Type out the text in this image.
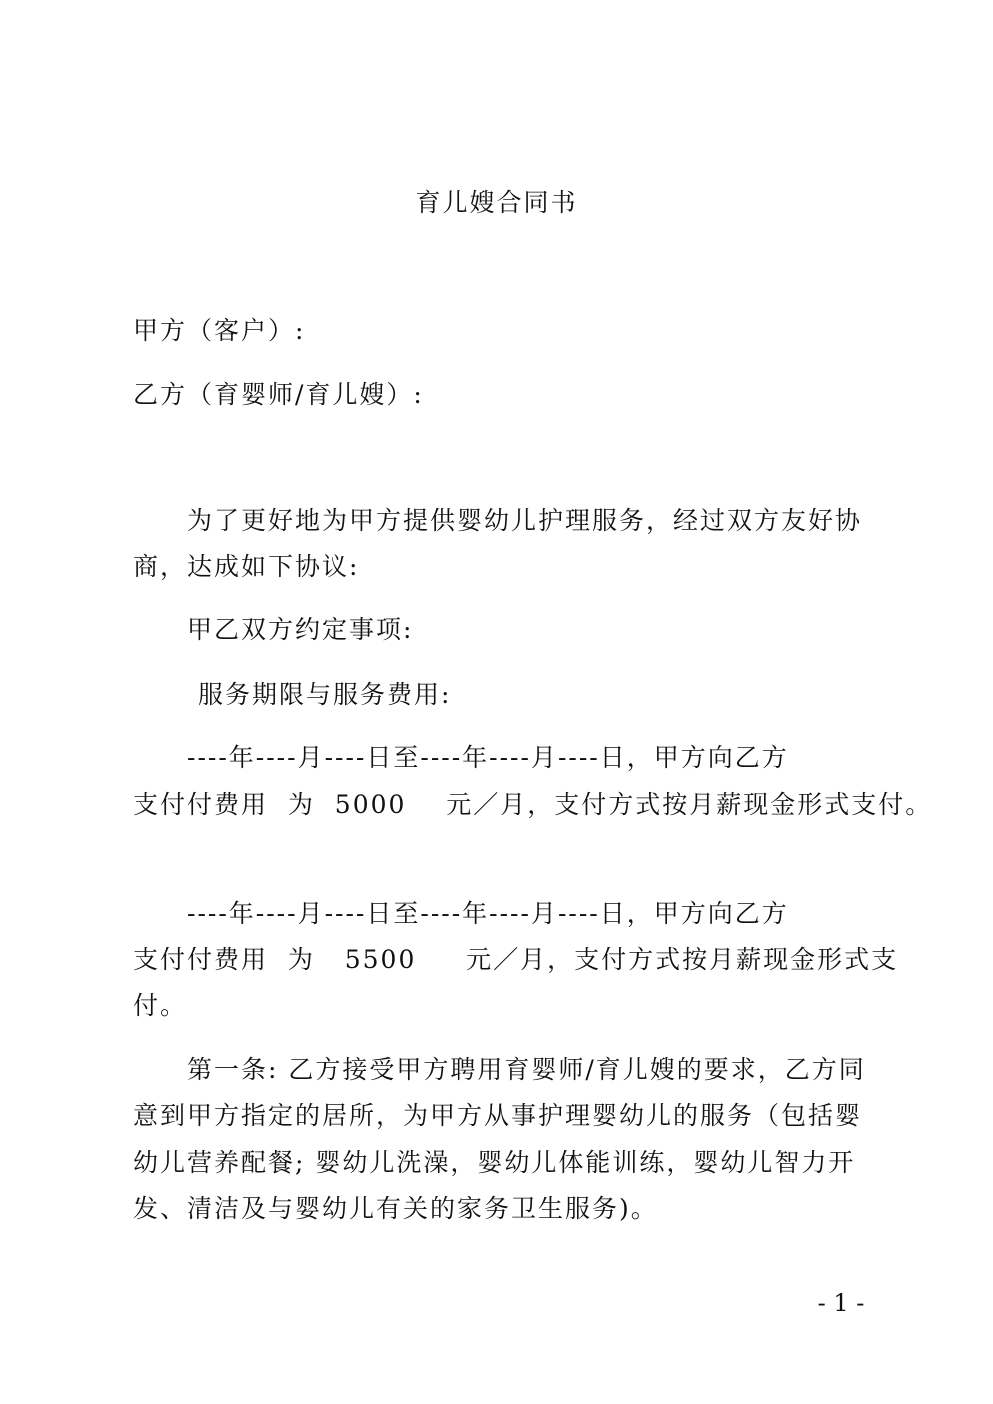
育儿嫂合同书
甲方（客户）:
乙方（育婴师/育儿嫂）:
为了更好地为甲方提供婴幼儿护理服务，经过双方友好协
商，达成如下协议:
甲乙双方约定事项:
服务期限与服务费用:
----年----月----日至----年----月----日，甲方向乙方
支付付费用  为  5000    元／月，支付方式按月薪现金形式支付。
----年----月----日至----年----月----日，甲方向乙方
支付付费用  为   5500     元／月，支付方式按月薪现金形式支
付。
第一条: 乙方接受甲方聘用育婴师/育儿嫂的要求，乙方同
意到甲方指定的居所，为甲方从事护理婴幼儿的服务（包括婴
幼儿营养配餐; 婴幼儿洗澡，婴幼儿体能训练，婴幼儿智力开
发、清洁及与婴幼儿有关的家务卫生服务)。
- 1 -
